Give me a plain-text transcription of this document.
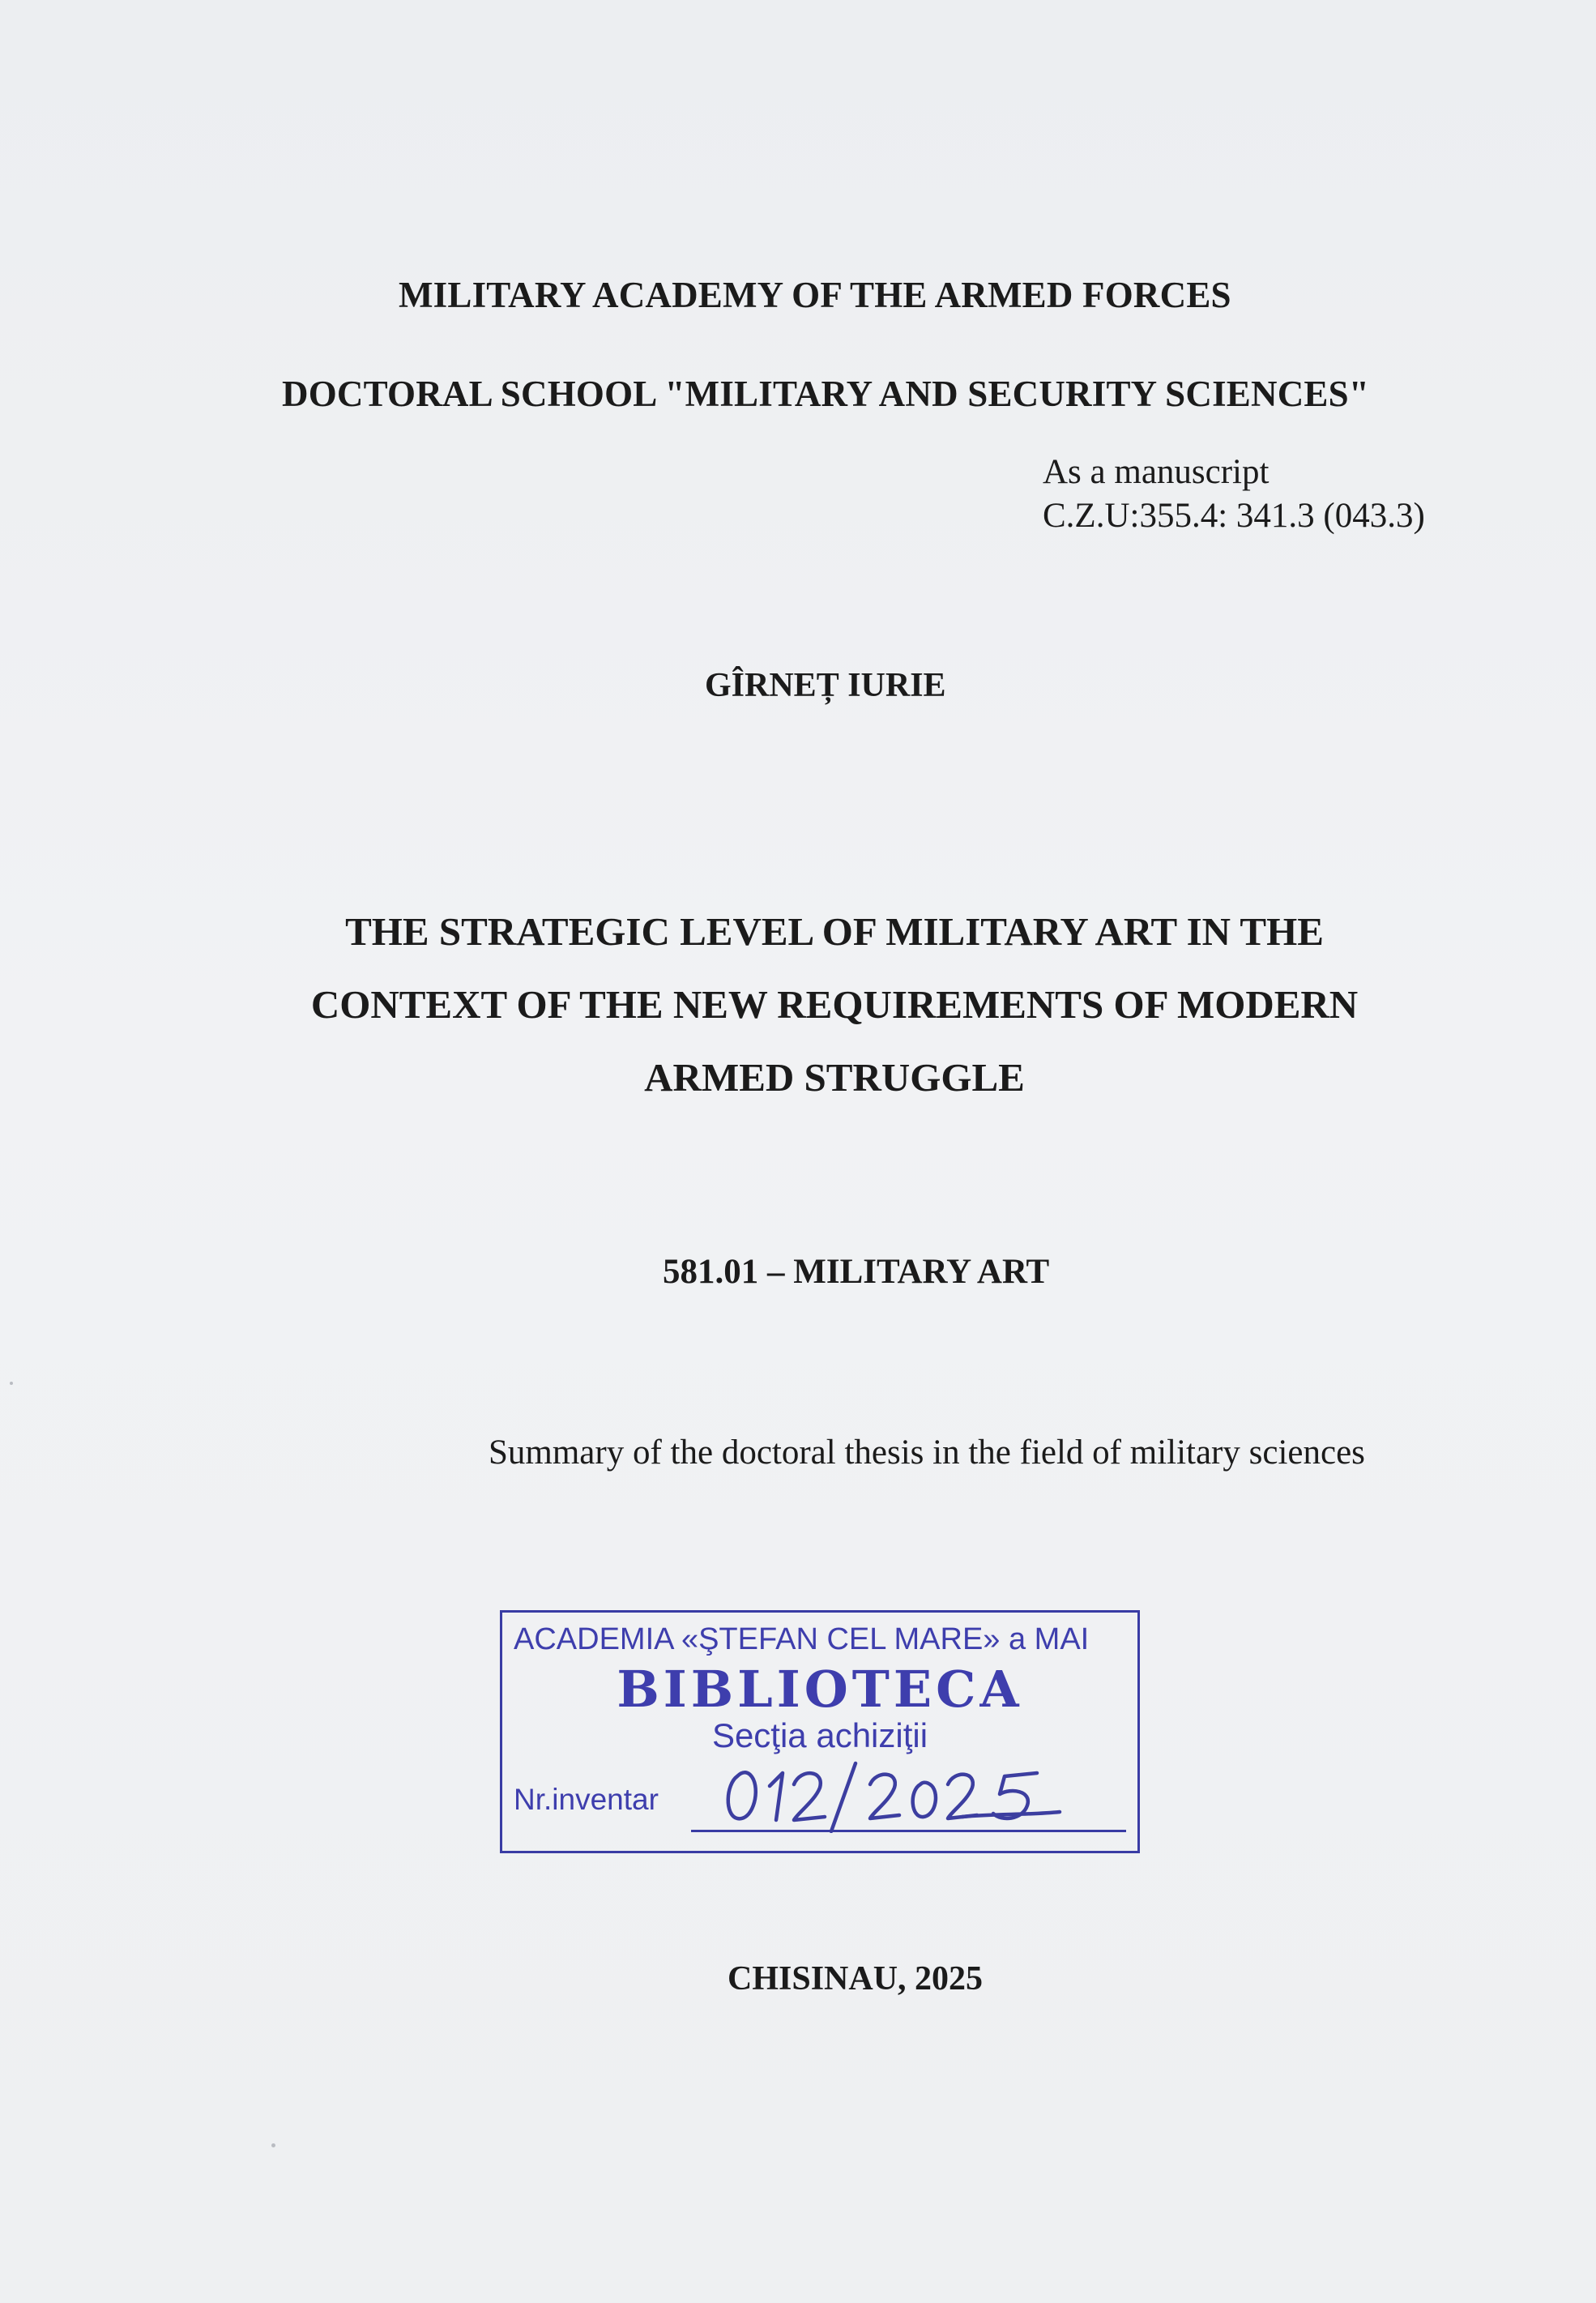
MILITARY ACADEMY OF THE ARMED FORCES
DOCTORAL SCHOOL "MILITARY AND SECURITY SCIENCES"
As a manuscript
C.Z.U:355.4: 341.3 (043.3)
GÎRNEȚ IURIE
THE STRATEGIC LEVEL OF MILITARY ART IN THE
CONTEXT OF THE NEW REQUIREMENTS OF MODERN
ARMED STRUGGLE
581.01 – MILITARY ART
Summary of the doctoral thesis in the field of military sciences
ACADEMIA «ŞTEFAN CEL MARE» a MAI
BIBLIOTECA
Secţia achiziţii
Nr.inventar
CHISINAU, 2025
